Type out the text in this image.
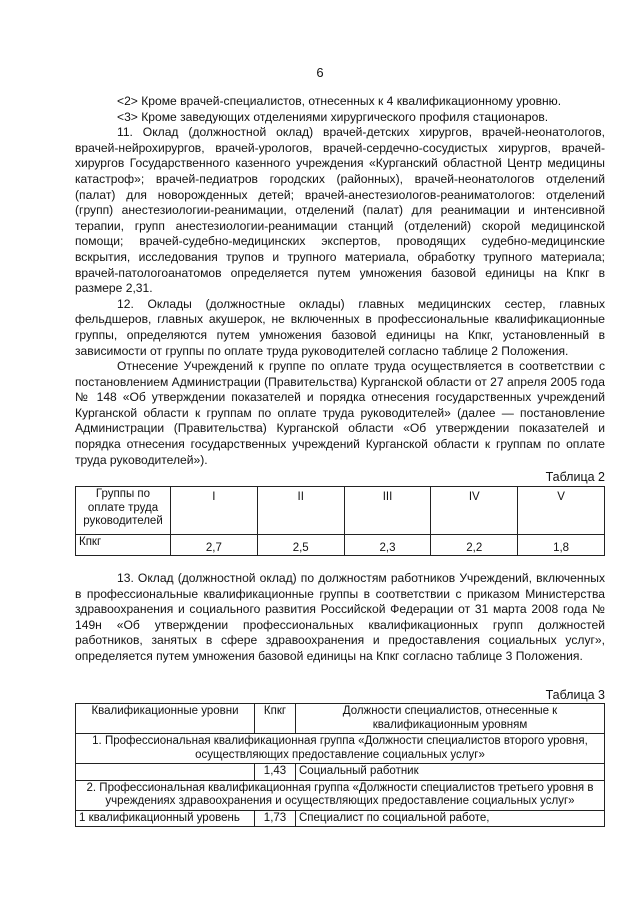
6

<2> Кроме врачей-специалистов, отнесенных к 4 квалификационному уровню.

<3> Кроме заведующих отделениями хирургического профиля стационаров.

11. Оклад (должностной оклад) врачей-детских хирургов, врачей-неонатологов, врачей-нейрохирургов, врачей-урологов, врачей-сердечно-сосудистых хирургов, врачей-хирургов Государственного казенного учреждения «Курганский областной Центр медицины катастроф»; врачей-педиатров городских (районных), врачей-неонатологов отделений (палат) для новорожденных детей; врачей-анестезиологов-реаниматологов: отделений (групп) анестезиологии-реанимации, отделений (палат) для реанимации и интенсивной терапии, групп анестезиологии-реанимации станций (отделений) скорой медицинской помощи; врачей-судебно-медицинских экспертов, проводящих судебно-медицинские вскрытия, исследования трупов и трупного материала, обработку трупного материала; врачей-патологоанатомов определяется путем умножения базовой единицы на Кпкг в размере 2,31.

12. Оклады (должностные оклады) главных медицинских сестер, главных фельдшеров, главных акушерок, не включенных в профессиональные квалификационные группы, определяются путем умножения базовой единицы на Кпкг, установленный в зависимости от группы по оплате труда руководителей согласно таблице 2 Положения.

Отнесение Учреждений к группе по оплате труда осуществляется в соответствии с постановлением Администрации (Правительства) Курганской области от 27 апреля 2005 года № 148 «Об утверждении показателей и порядка отнесения государственных учреждений Курганской области к группам по оплате труда руководителей» (далее — постановление Администрации (Правительства) Курганской области «Об утверждении показателей и порядка отнесения государственных учреждений Курганской области к группам по оплате труда руководителей»).

Таблица 2
Группы по оплате труда руководителей	I	II	III	IV	V
Кпкг	2,7	2,5	2,3	2,2	1,8

13. Оклад (должностной оклад) по должностям работников Учреждений, включенных в профессиональные квалификационные группы в соответствии с приказом Министерства здравоохранения и социального развития Российской Федерации от 31 марта 2008 года № 149н «Об утверждении профессиональных квалификационных групп должностей работников, занятых в сфере здравоохранения и предоставления социальных услуг», определяется путем умножения базовой единицы на Кпкг согласно таблице 3 Положения.

Таблица 3
Квалификационные уровни	Кпкг	Должности специалистов, отнесенные к квалификационным уровням
1. Профессиональная квалификационная группа «Должности специалистов второго уровня, осуществляющих предоставление социальных услуг»		
	1,43	Социальный работник
2. Профессиональная квалификационная группа «Должности специалистов третьего уровня в учреждениях здравоохранения и осуществляющих предоставление социальных услуг»		
1 квалификационный уровень	1,73	Специалист по социальной работе,
